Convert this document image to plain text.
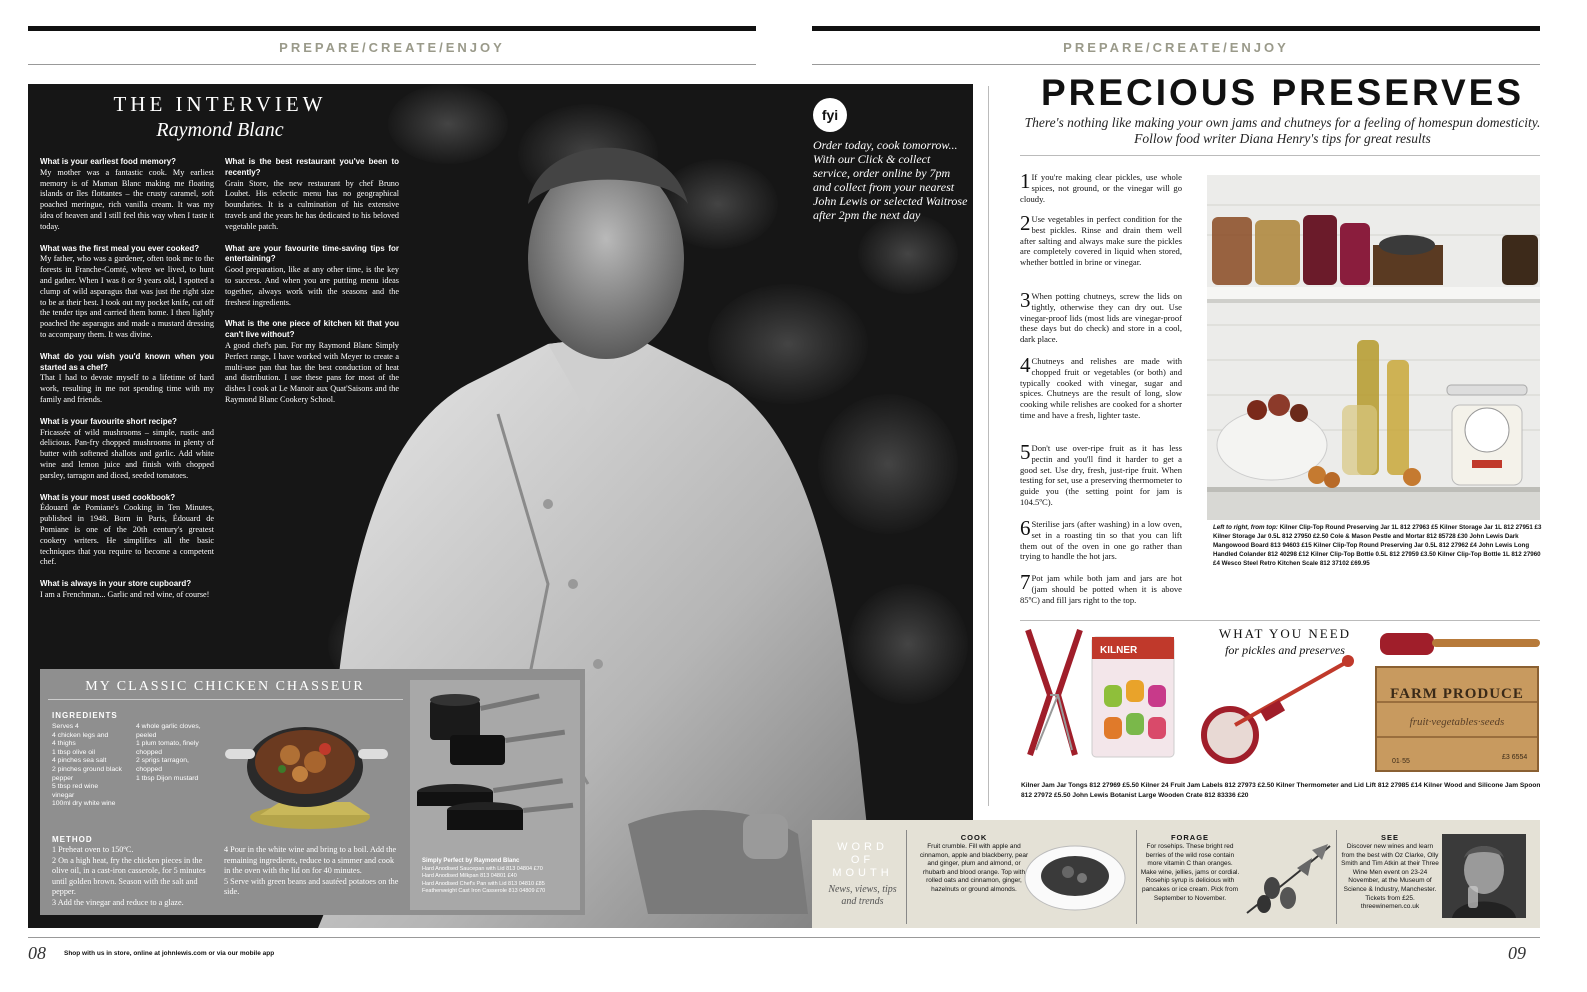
PREPARE/CREATE/ENJOY	PREPARE/CREATE/ENJOY
THE INTERVIEW
Raymond Blanc
What is your earliest food memory?
My mother was a fantastic cook. My earliest memory is of Maman Blanc making me floating islands or îles flottantes – the crusty caramel, soft poached meringue, rich vanilla cream. It was my idea of heaven and I still feel this way when I taste it today.
What was the first meal you ever cooked?
My father, who was a gardener, often took me to the forests in Franche-Comté, where we lived, to hunt and gather. When I was 8 or 9 years old, I spotted a clump of wild asparagus that was just the right size to be at their best. I took out my pocket knife, cut off the tender tips and carried them home. I then lightly poached the asparagus and made a mustard dressing to accompany them. It was divine.
What do you wish you'd known when you started as a chef?
That I had to devote myself to a lifetime of hard work, resulting in me not spending time with my family and friends.
What is your favourite short recipe?
Fricassée of wild mushrooms – simple, rustic and delicious. Pan-fry chopped mushrooms in plenty of butter with softened shallots and garlic. Add white wine and lemon juice and finish with chopped parsley, tarragon and diced, seeded tomatoes.
What is your most used cookbook?
Édouard de Pomiane's Cooking in Ten Minutes, published in 1948. Born in Paris, Édouard de Pomiane is one of the 20th century's greatest cookery writers. He simplifies all the basic techniques that you require to become a competent chef.
What is always in your store cupboard?
I am a Frenchman... Garlic and red wine, of course!
What is the best restaurant you've been to recently?
Grain Store, the new restaurant by chef Bruno Loubet. His eclectic menu has no geographical boundaries. It is a culmination of his extensive travels and the years he has dedicated to his beloved vegetable patch.
What are your favourite time-saving tips for entertaining?
Good preparation, like at any other time, is the key to success. And when you are putting menu ideas together, always work with the seasons and the freshest ingredients.
What is the one piece of kitchen kit that you can't live without?
A good chef's pan. For my Raymond Blanc Simply Perfect range, I have worked with Meyer to create a multi-use pan that has the best conduction of heat and distribution. I use these pans for most of the dishes I cook at Le Manoir aux Quat'Saisons and the Raymond Blanc Cookery School.
fyi
Order today, cook tomorrow... With our Click & collect service, order online by 7pm and collect from your nearest John Lewis or selected Waitrose after 2pm the next day
MY CLASSIC CHICKEN CHASSEUR
INGREDIENTS
Serves 4
4 chicken legs and
4 thighs
1 tbsp olive oil
4 pinches sea salt
2 pinches ground black
pepper
5 tbsp red wine
vinegar
100ml dry white wine
4 whole garlic cloves,
peeled
1 plum tomato, finely
chopped
2 sprigs tarragon,
chopped
1 tbsp Dijon mustard
METHOD
1 Preheat oven to 150ºC.
2 On a high heat, fry the chicken pieces in the olive oil, in a cast-iron casserole, for 5 minutes until golden brown. Season with the salt and pepper.
3 Add the vinegar and reduce to a glaze.
4 Pour in the white wine and bring to a boil. Add the remaining ingredients, reduce to a simmer and cook in the oven with the lid on for 40 minutes.
5 Serve with green beans and sautéed potatoes on the side.
Simply Perfect by Raymond Blanc
Hard Anodised Saucepan with Lid 813 04804 £70
Hard Anodised Milkpan 813 04801 £40
Hard Anodised Chef's Pan with Lid 813 04810 £85
Featherweight Cast Iron Casserole 813 04809 £70
08	Shop with us in store, online at johnlewis.com or via our mobile app
PRECIOUS PRESERVES
There's nothing like making your own jams and chutneys for a feeling of homespun domesticity. Follow food writer Diana Henry's tips for great results
1 If you're making clear pickles, use whole spices, not ground, or the vinegar will go cloudy.
2 Use vegetables in perfect condition for the best pickles. Rinse and drain them well after salting and always make sure the pickles are completely covered in liquid when stored, whether bottled in brine or vinegar.
3 When potting chutneys, screw the lids on tightly, otherwise they can dry out. Use vinegar-proof lids (most lids are vinegar-proof these days but do check) and store in a cool, dark place.
4 Chutneys and relishes are made with chopped fruit or vegetables (or both) and typically cooked with vinegar, sugar and spices. Chutneys are the result of long, slow cooking while relishes are cooked for a shorter time and have a fresh, lighter taste.
5 Don't use over-ripe fruit as it has less pectin and you'll find it harder to get a good set. Use dry, fresh, just-ripe fruit. When testing for set, use a preserving thermometer to guide you (the setting point for jam is 104.5ºC).
6 Sterilise jars (after washing) in a low oven, set in a roasting tin so that you can lift them out of the oven in one go rather than trying to handle the hot jars.
7 Pot jam while both jam and jars are hot (jam should be potted when it is above 85ºC) and fill jars right to the top.
Left to right, from top: Kilner Clip-Top Round Preserving Jar 1L 812 27963 £5 Kilner Storage Jar 1L 812 27951 £3 Kilner Storage Jar 0.5L 812 27950 £2.50 Cole & Mason Pestle and Mortar 812 85728 £30 John Lewis Dark Mangowood Board 813 94603 £15 Kilner Clip-Top Round Preserving Jar 0.5L 812 27962 £4 John Lewis Long Handled Colander 812 40298 £12 Kilner Clip-Top Bottle 0.5L 812 27959 £3.50 Kilner Clip-Top Bottle 1L 812 27960 £4 Wesco Steel Retro Kitchen Scale 812 37102 £69.95
KILNER
FARM PRODUCE
fruit·vegetables·seeds
01·55
£3 6554
WHAT YOU NEED
for pickles and preserves
Kilner Jam Jar Tongs 812 27969 £5.50 Kilner 24 Fruit Jam Labels 812 27973 £2.50 Kilner Thermometer and Lid Lift 812 27985 £14 Kilner Wood and Silicone Jam Spoon 812 27972 £5.50 John Lewis Botanist Large Wooden Crate 812 83336 £20
WORD
OF
MOUTH
News, views, tips and trends
COOK
Fruit crumble. Fill with apple and cinnamon, apple and blackberry, pear and ginger, plum and almond, or rhubarb and blood orange. Top with rolled oats and cinnamon, ginger, hazelnuts or ground almonds.
FORAGE
For rosehips. These bright red berries of the wild rose contain more vitamin C than oranges. Make wine, jellies, jams or cordial. Rosehip syrup is delicious with pancakes or ice cream. Pick from September to November.
SEE
Discover new wines and learn from the best with Oz Clarke, Olly Smith and Tim Atkin at their Three Wine Men event on 23-24 November, at the Museum of Science & Industry, Manchester. Tickets from £25. threewinemen.co.uk
09
